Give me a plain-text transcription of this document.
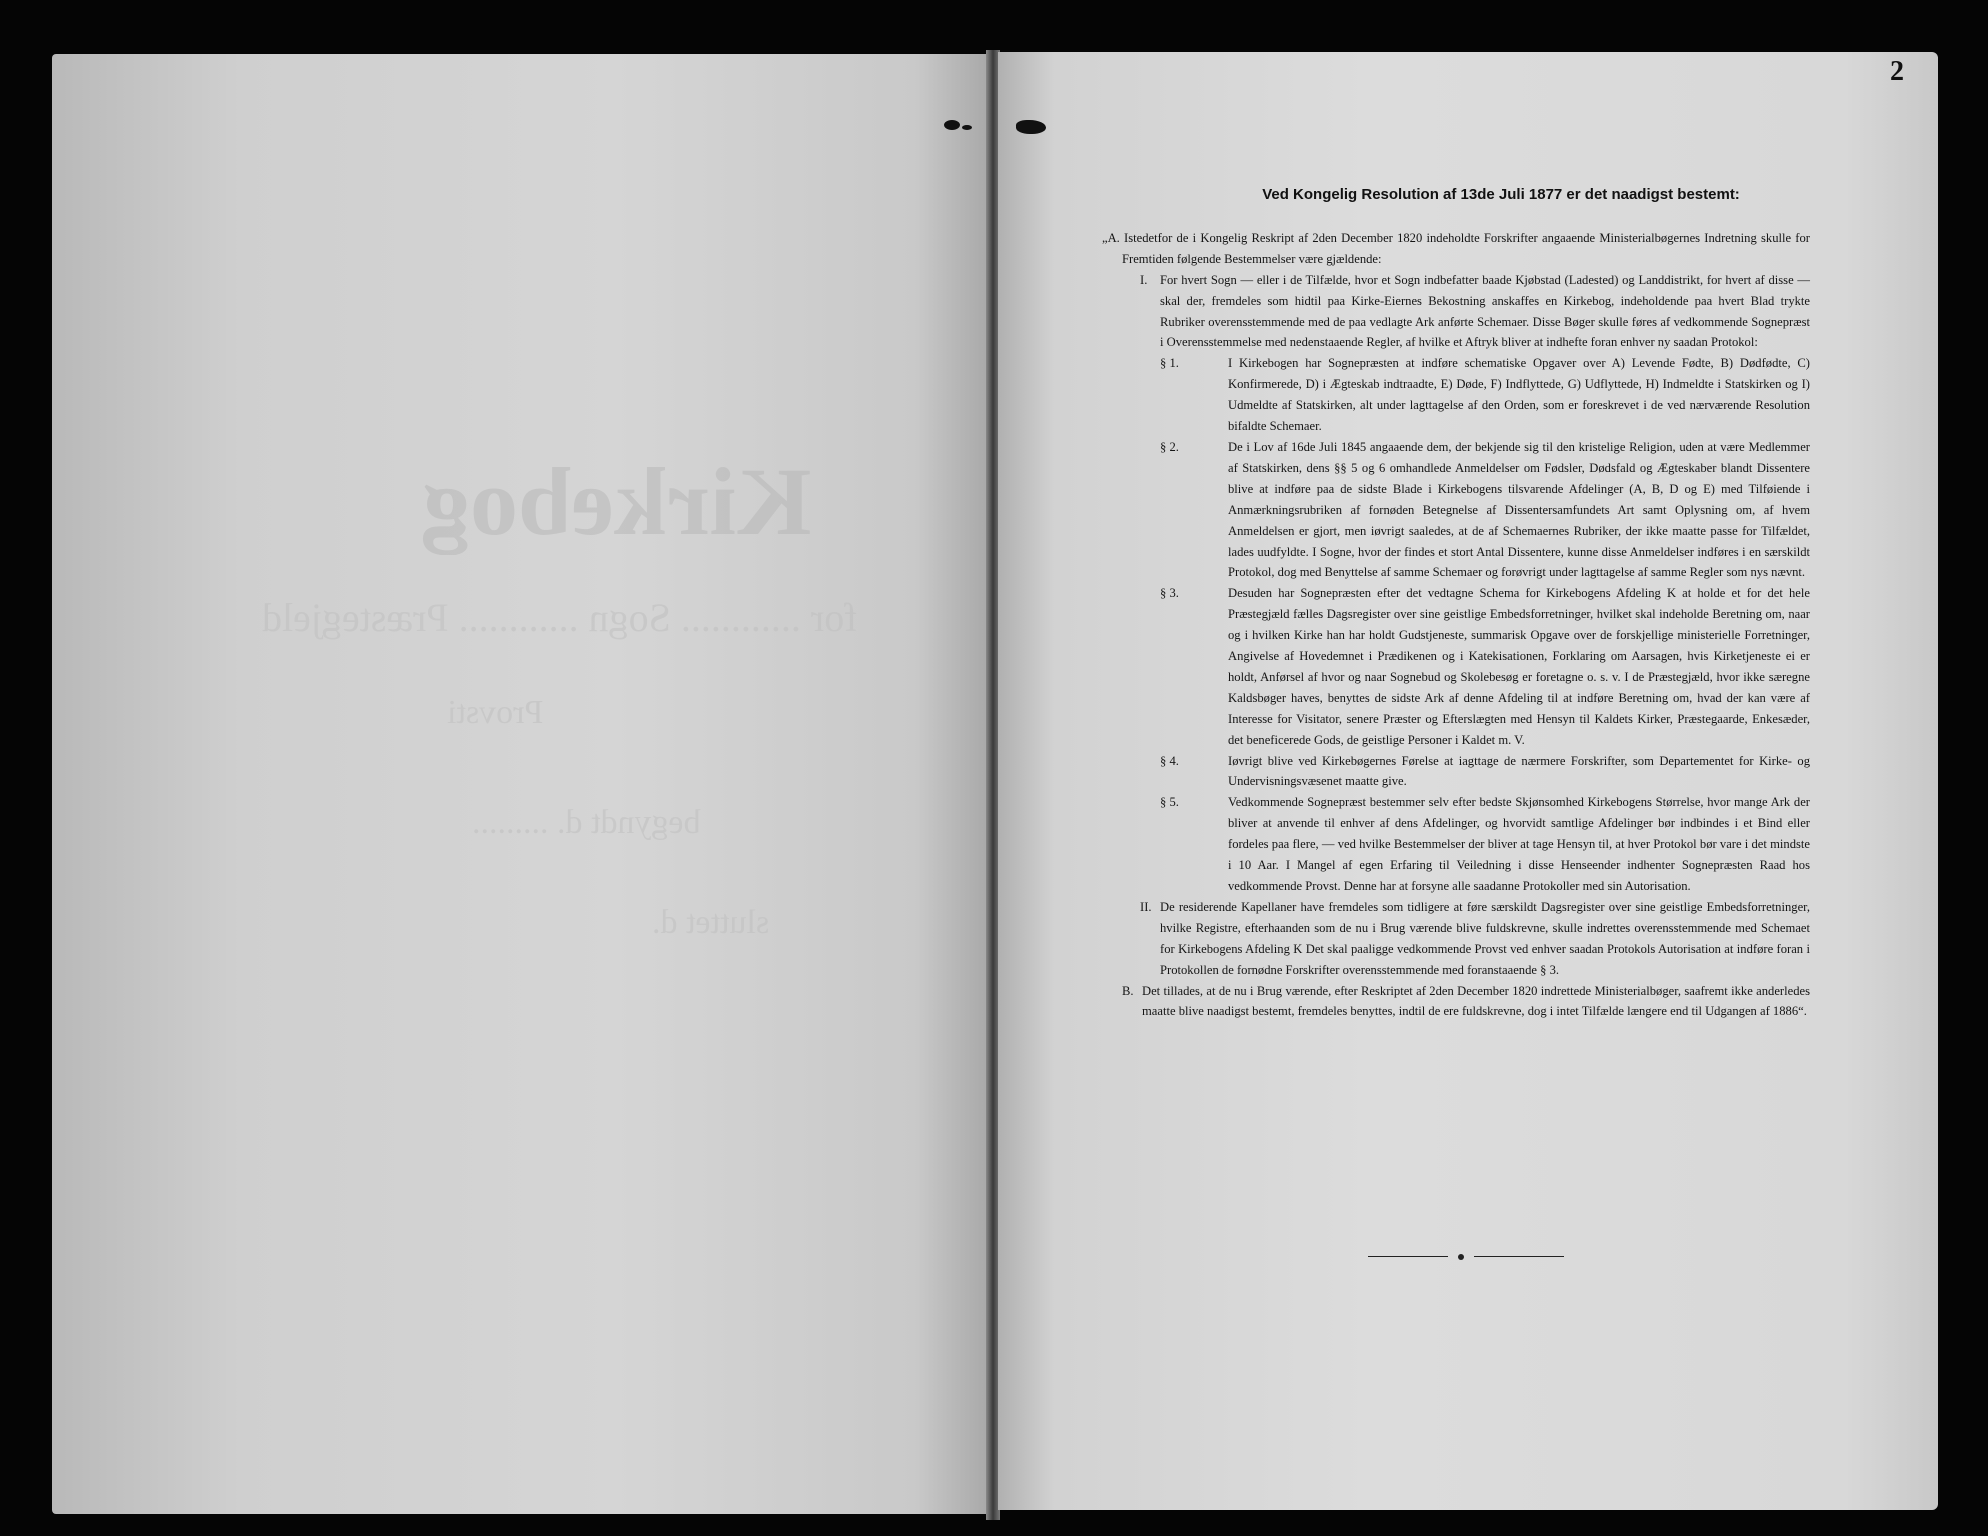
Kirkebog
for ............ Sogn ............ Præstegjeld
Provsti
begyndt d. .........
sluttet d.
2
Ved Kongelig Resolution af 13de Juli 1877 er det naadigst bestemt:

„A. Istedetfor de i Kongelig Reskript af 2den December 1820 indeholdte Forskrifter angaaende Ministerialbøgernes Indretning skulle for Fremtiden følgende Bestemmelser være gjældende:

I. For hvert Sogn — eller i de Tilfælde, hvor et Sogn indbefatter baade Kjøbstad (Ladested) og Landdistrikt, for hvert af disse — skal der, fremdeles som hidtil paa Kirke-Eiernes Bekostning anskaffes en Kirkebog, indeholdende paa hvert Blad trykte Rubriker overensstemmende med de paa vedlagte Ark anførte Schemaer. Disse Bøger skulle føres af vedkommende Sognepræst i Overensstemmelse med nedenstaaende Regler, af hvilke et Aftryk bliver at indhefte foran enhver ny saadan Protokol:
§ 1.	I Kirkebogen har Sognepræsten at indføre schematiske Opgaver over A) Levende Fødte, B) Dødfødte, C) Konfirmerede, D) i Ægteskab indtraadte, E) Døde, F) Indflyttede, G) Udflyttede, H) Indmeldte i Statskirken og I) Udmeldte af Statskirken, alt under lagttagelse af den Orden, som er foreskrevet i de ved nærværende Resolution bifaldte Schemaer.
§ 2.	De i Lov af 16de Juli 1845 angaaende dem, der bekjende sig til den kristelige Religion, uden at være Medlemmer af Statskirken, dens §§ 5 og 6 omhandlede Anmeldelser om Fødsler, Dødsfald og Ægteskaber blandt Dissentere blive at indføre paa de sidste Blade i Kirkebogens tilsvarende Afdelinger (A, B, D og E) med Tilføiende i Anmærkningsrubriken af fornøden Betegnelse af Dissentersamfundets Art samt Oplysning om, af hvem Anmeldelsen er gjort, men iøvrigt saaledes, at de af Schemaernes Rubriker, der ikke maatte passe for Tilfældet, lades uudfyldte. I Sogne, hvor der findes et stort Antal Dissentere, kunne disse Anmeldelser indføres i en særskildt Protokol, dog med Benyttelse af samme Schemaer og forøvrigt under lagttagelse af samme Regler som nys nævnt.
§ 3.	Desuden har Sognepræsten efter det vedtagne Schema for Kirkebogens Afdeling K at holde et for det hele Præstegjæld fælles Dagsregister over sine geistlige Embedsforretninger, hvilket skal indeholde Beretning om, naar og i hvilken Kirke han har holdt Gudstjeneste, summarisk Opgave over de forskjellige ministerielle Forretninger, Angivelse af Hovedemnet i Prædikenen og i Katekisationen, Forklaring om Aarsagen, hvis Kirketjeneste ei er holdt, Anførsel af hvor og naar Sognebud og Skolebesøg er foretagne o. s. v. I de Præstegjæld, hvor ikke særegne Kaldsbøger haves, benyttes de sidste Ark af denne Afdeling til at indføre Beretning om, hvad der kan være af Interesse for Visitator, senere Præster og Efterslægten med Hensyn til Kaldets Kirker, Præstegaarde, Enkesæder, det beneficerede Gods, de geistlige Personer i Kaldet m. V.
§ 4.	Iøvrigt blive ved Kirkebøgernes Førelse at iagttage de nærmere Forskrifter, som Departementet for Kirke- og Undervisningsvæsenet maatte give.
§ 5.	Vedkommende Sognepræst bestemmer selv efter bedste Skjønsomhed Kirkebogens Størrelse, hvor mange Ark der bliver at anvende til enhver af dens Afdelinger, og hvorvidt samtlige Afdelinger bør indbindes i et Bind eller fordeles paa flere, — ved hvilke Bestemmelser der bliver at tage Hensyn til, at hver Protokol bør vare i det mindste i 10 Aar. I Mangel af egen Erfaring til Veiledning i disse Henseender indhenter Sognepræsten Raad hos vedkommende Provst. Denne har at forsyne alle saadanne Protokoller med sin Autorisation.
II. De residerende Kapellaner have fremdeles som tidligere at føre særskildt Dagsregister over sine geistlige Embedsforretninger, hvilke Registre, efterhaanden som de nu i Brug værende blive fuldskrevne, skulle indrettes overensstemmende med Schemaet for Kirkebogens Afdeling K Det skal paaligge vedkommende Provst ved enhver saadan Protokols Autorisation at indføre foran i Protokollen de fornødne Forskrifter overensstemmende med foranstaaende § 3.
B. Det tillades, at de nu i Brug værende, efter Reskriptet af 2den December 1820 indrettede Ministerialbøger, saafremt ikke anderledes maatte blive naadigst bestemt, fremdeles benyttes, indtil de ere fuldskrevne, dog i intet Tilfælde længere end til Udgangen af 1886“.
